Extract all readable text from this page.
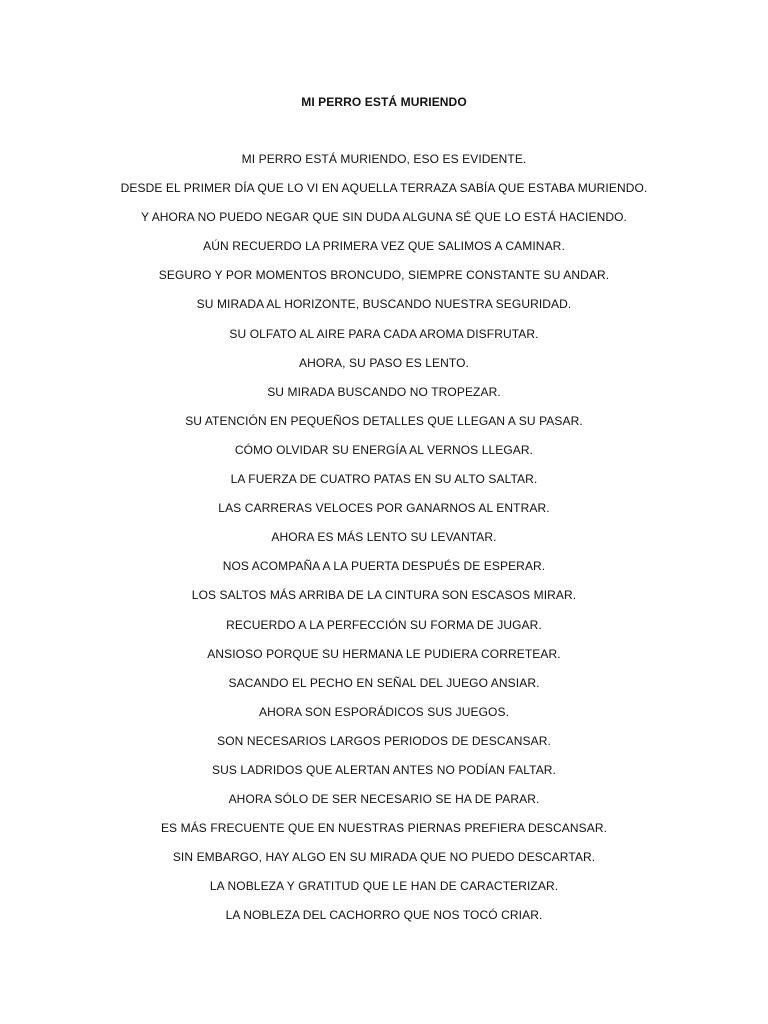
MI PERRO ESTÁ MURIENDO
MI PERRO ESTÁ MURIENDO, ESO ES EVIDENTE.
DESDE EL PRIMER DÍA QUE LO VI EN AQUELLA TERRAZA SABÍA QUE ESTABA MURIENDO.
Y AHORA NO PUEDO NEGAR QUE SIN DUDA ALGUNA SÉ QUE LO ESTÁ HACIENDO.
AÚN RECUERDO LA PRIMERA VEZ QUE SALIMOS A CAMINAR.
SEGURO Y POR MOMENTOS BRONCUDO, SIEMPRE CONSTANTE SU ANDAR.
SU MIRADA AL HORIZONTE, BUSCANDO NUESTRA SEGURIDAD.
SU OLFATO AL AIRE PARA CADA AROMA DISFRUTAR.
AHORA, SU PASO ES LENTO.
SU MIRADA BUSCANDO NO TROPEZAR.
SU ATENCIÓN EN PEQUEÑOS DETALLES QUE LLEGAN A SU PASAR.
CÓMO OLVIDAR SU ENERGÍA AL VERNOS LLEGAR.
LA FUERZA DE CUATRO PATAS EN SU ALTO SALTAR.
LAS CARRERAS VELOCES POR GANARNOS AL ENTRAR.
AHORA ES MÁS LENTO SU LEVANTAR.
NOS ACOMPAÑA A LA PUERTA DESPUÉS DE ESPERAR.
LOS SALTOS MÁS ARRIBA DE LA CINTURA SON ESCASOS MIRAR.
RECUERDO A LA PERFECCIÓN SU FORMA DE JUGAR.
ANSIOSO PORQUE SU HERMANA LE PUDIERA CORRETEAR.
SACANDO EL PECHO EN SEÑAL DEL JUEGO ANSIAR.
AHORA SON ESPORÁDICOS SUS JUEGOS.
SON NECESARIOS LARGOS PERIODOS DE DESCANSAR.
SUS LADRIDOS QUE ALERTAN ANTES NO PODÍAN FALTAR.
AHORA SÓLO DE SER NECESARIO SE HA DE PARAR.
ES MÁS FRECUENTE QUE EN NUESTRAS PIERNAS PREFIERA DESCANSAR.
SIN EMBARGO, HAY ALGO EN SU MIRADA QUE NO PUEDO DESCARTAR.
LA NOBLEZA Y GRATITUD QUE LE HAN DE CARACTERIZAR.
LA NOBLEZA DEL CACHORRO QUE NOS TOCÓ CRIAR.
